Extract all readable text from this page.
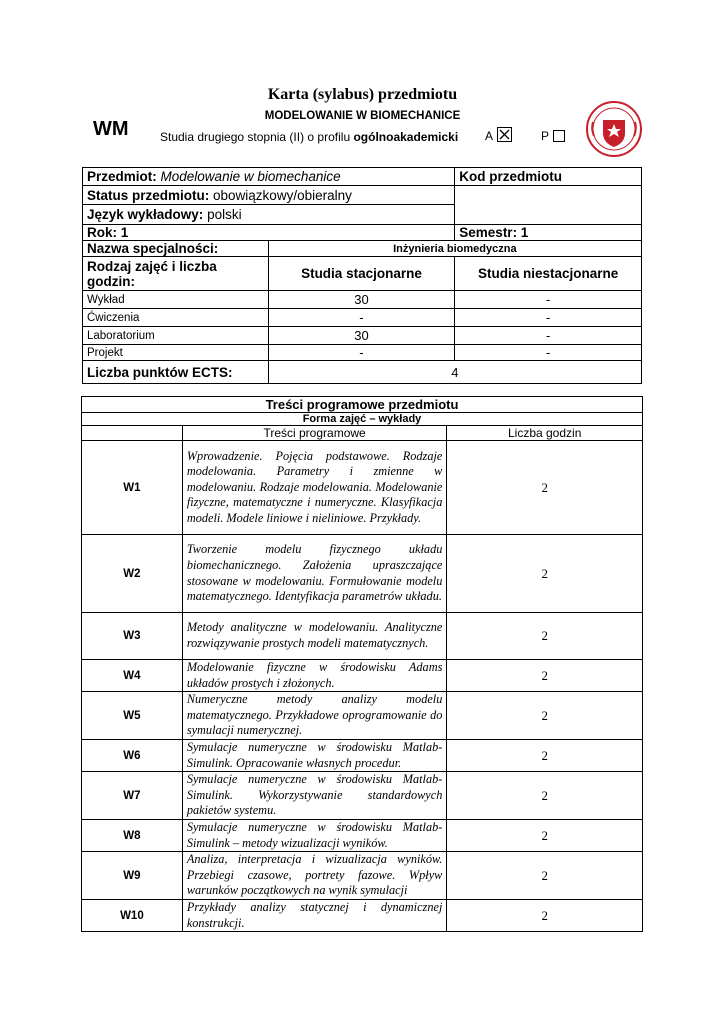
WM
Karta (sylabus) przedmiotu
MODELOWANIE W BIOMECHANICE
Studia drugiego stopnia (II) o profilu ogólnoakademicki A	P
Przedmiot: Modelowanie w biomechanice		Kod przedmiotu
Status przedmiotu: obowiązkowy/obieralny		
Język wykładowy: polski		
Rok: 1		Semestr: 1
Nazwa specjalności:	Inżynieria biomedyczna	
Rodzaj zajęć i liczba godzin:	Studia stacjonarne	Studia niestacjonarne
Wykład	30	-
Ćwiczenia	-	-
Laboratorium	30	-
Projekt	-	-
Liczba punktów ECTS:	4	
Treści programowe przedmiotu		
Forma zajęć – wykłady		
	Treści programowe	Liczba godzin
W1	Wprowadzenie. Pojęcia podstawowe. Rodzaje modelowania. Parametry i zmienne w modelowaniu. Rodzaje modelowania. Modelowanie fizyczne, matematyczne i numeryczne. Klasyfikacja modeli. Modele liniowe i nieliniowe. Przykłady.	2
W2	Tworzenie modelu fizycznego układu biomechanicznego. Założenia upraszczające stosowane w modelowaniu. Formułowanie modelu matematycznego. Identyfikacja parametrów układu.	2
W3	Metody analityczne w modelowaniu. Analityczne rozwiązywanie prostych modeli matematycznych.	2
W4	Modelowanie fizyczne w środowisku Adams układów prostych i złożonych.	2
W5	Numeryczne metody analizy modelu matematycznego. Przykładowe oprogramowanie do symulacji numerycznej.	2
W6	Symulacje numeryczne w środowisku Matlab-Simulink. Opracowanie własnych procedur.	2
W7	Symulacje numeryczne w środowisku Matlab-Simulink. Wykorzystywanie standardowych pakietów systemu.	2
W8	Symulacje numeryczne w środowisku Matlab-Simulink – metody wizualizacji wyników.	2
W9	Analiza, interpretacja i wizualizacja wyników. Przebiegi czasowe, portrety fazowe. Wpływ warunków początkowych na wynik symulacji	2
W10	Przykłady analizy statycznej i dynamicznej konstrukcji.	2
